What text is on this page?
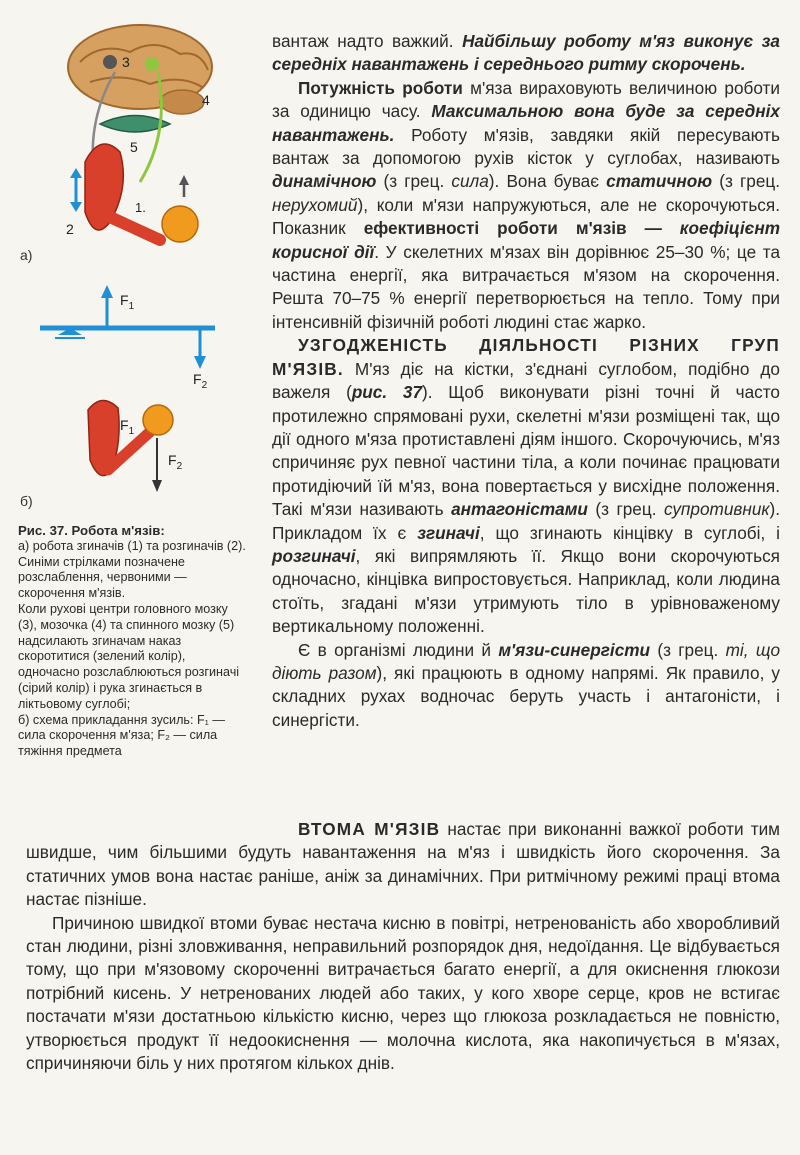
3
4
5
1.
2
а)
$F_1$
$F_2$
$F_1$
$F_2$
б)
Рис. 37. Робота м'язів:

а) робота згиначів (1) та розгиначів (2). Синіми стрілками позначене розслаблення, червоними — скорочення м'язів.

Коли рухові центри головного мозку (3), мозочка (4) та спинного мозку (5) надсилають згиначам наказ скоротитися (зелений колір), одночасно розслаблюються розгиначі (сірий колір) і рука згинається в ліктьовому суглобі;

б) схема прикладання зусиль: F₁ — сила скорочення м'яза; F₂ — сила тяжіння предмета

вантаж надто важкий. Найбільшу роботу м'яз виконує за середніх навантажень і середнього ритму скорочень.

Потужність роботи м'яза вираховують величиною роботи за одиницю часу. Максимальною вона буде за середніх навантажень. Роботу м'язів, завдяки якій пересувають вантаж за допомогою рухів кісток у суглобах, називають динамічною (з грец. сила). Вона буває статичною (з грец. нерухомий), коли м'язи напружуються, але не скорочуються. Показник ефективності роботи м'язів — коефіцієнт корисної дії. У скелетних м'язах він дорівнює 25–30 %; це та частина енергії, яка витрачається м'язом на скорочення. Решта 70–75 % енергії перетворюється на тепло. Тому при інтенсивній фізичній роботі людині стає жарко.

УЗГОДЖЕНІСТЬ ДІЯЛЬНОСТІ РІЗНИХ ГРУП М'ЯЗІВ. М'яз діє на кістки, з'єднані суглобом, подібно до важеля (рис. 37). Щоб виконувати різні точні й часто протилежно спрямовані рухи, скелетні м'язи розміщені так, що дії одного м'яза протиставлені діям іншого. Скорочуючись, м'яз спричиняє рух певної частини тіла, а коли починає працювати протидіючий їй м'яз, вона повертається у висхідне положення. Такі м'язи називають антагоністами (з грец. супротивник). Прикладом їх є згиначі, що згинають кінцівку в суглобі, і розгиначі, які випрямляють її. Якщо вони скорочуються одночасно, кінцівка випростовується. Наприклад, коли людина стоїть, згадані м'язи утримують тіло в урівноваженому вертикальному положенні.

Є в організмі людини й м'язи-синергісти (з грец. ті, що діють разом), які працюють в одному напрямі. Як правило, у складних рухах водночас беруть участь і антагоністи, і синергісти.

ВТОМА М'ЯЗІВ настає при виконанні важкої роботи тим швидше, чим більшими будуть навантаження на м'яз і швидкість його скорочення. За статичних умов вона настає раніше, аніж за динамічних. При ритмічному режимі праці втома настає пізніше.

Причиною швидкої втоми буває нестача кисню в повітрі, нетренованість або хворобливий стан людини, різні зловживання, неправильний розпорядок дня, недоїдання. Це відбувається тому, що при м'язовому скороченні витрачається багато енергії, а для окиснення глюкози потрібний кисень. У нетренованих людей або таких, у кого хворе серце, кров не встигає постачати м'язи достатньою кількістю кисню, через що глюкоза розкладається не повністю, утворюється продукт її недоокиснення — молочна кислота, яка накопичується в м'язах, спричиняючи біль у них протягом кількох днів.
